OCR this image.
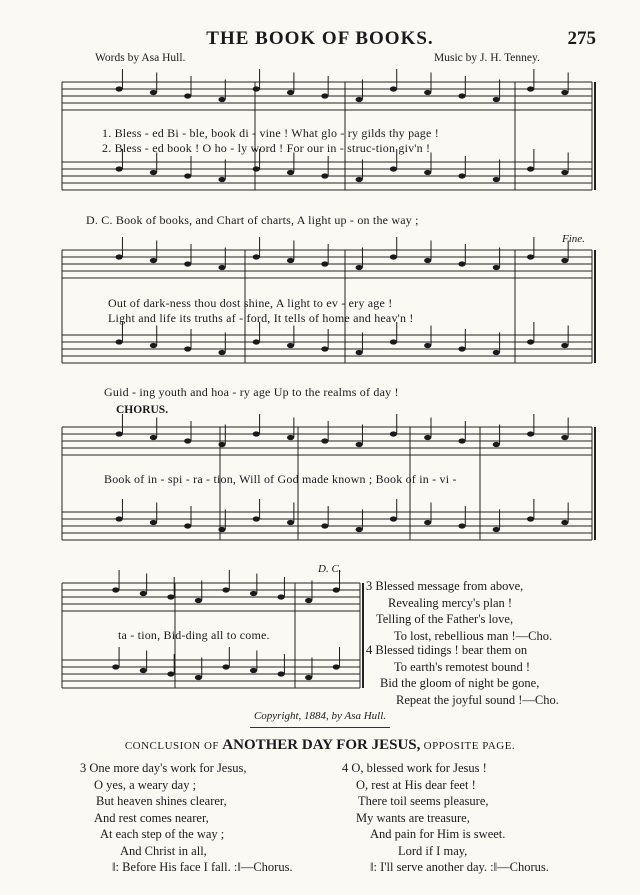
THE BOOK OF BOOKS.	275
Words by Asa Hull.	Music by J. H. Tenney.
1. Bless - ed Bi - ble, book di - vine ! What glo - ry gilds thy page !
2. Bless - ed book ! O ho - ly word ! For our in - struc-tion giv'n !
D. C. Book of books, and Chart of charts, A light up - on the way ;
Fine.
Out of dark-ness thou dost shine, A light to ev - ery age !
Light and life its truths af - ford, It tells of home and heav'n !
Guid - ing youth and hoa - ry age Up to the realms of day !
CHORUS.
Book of in - spi - ra - tion, Will of God made known ; Book of in - vi -
D. C.
ta - tion, Bid-ding all to come.
3 Blessed message from above,
Revealing mercy's plan !
Telling of the Father's love,
To lost, rebellious man !—Cho.
4 Blessed tidings ! bear them on
To earth's remotest bound !
Bid the gloom of night be gone,
Repeat the joyful sound !—Cho.
Copyright, 1884, by Asa Hull.
CONCLUSION OF ANOTHER DAY FOR JESUS, OPPOSITE PAGE.
3 One more day's work for Jesus,
O yes, a weary day ;
But heaven shines clearer,
And rest comes nearer,
At each step of the way ;
And Christ in all,
‖: Before His face I fall. :‖—Chorus.
4 O, blessed work for Jesus !
O, rest at His dear feet !
There toil seems pleasure,
My wants are treasure,
And pain for Him is sweet.
Lord if I may,
‖: I'll serve another day. :‖—Chorus.
